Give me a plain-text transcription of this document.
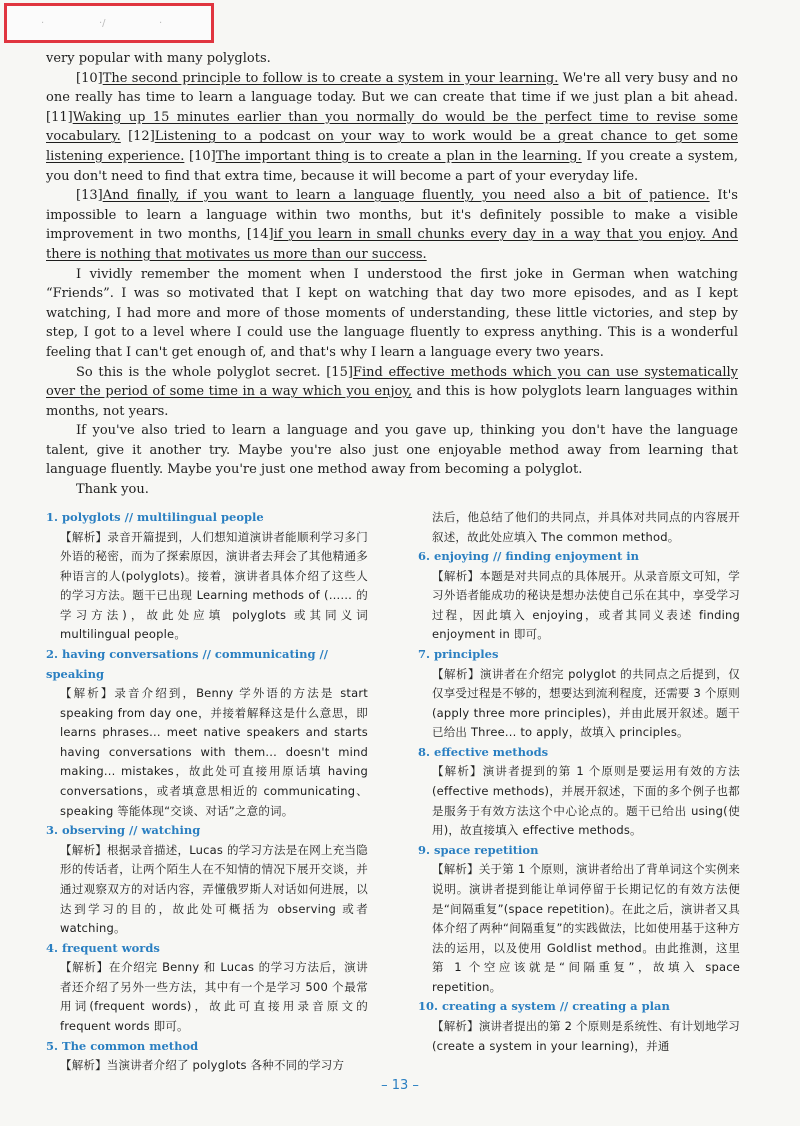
·	·/	·

very popular with many polyglots.

[10]The second principle to follow is to create a system in your learning. We're all very busy and no one really has time to learn a language today. But we can create that time if we just plan a bit ahead. [11]Waking up 15 minutes earlier than you normally do would be the perfect time to revise some vocabulary. [12]Listening to a podcast on your way to work would be a great chance to get some listening experience. [10]The important thing is to create a plan in the learning. If you create a system, you don't need to find that extra time, because it will become a part of your everyday life.

[13]And finally, if you want to learn a language fluently, you need also a bit of patience. It's impossible to learn a language within two months, but it's definitely possible to make a visible improvement in two months, [14]if you learn in small chunks every day in a way that you enjoy. And there is nothing that motivates us more than our success.

I vividly remember the moment when I understood the first joke in German when watching “Friends”. I was so motivated that I kept on watching that day two more episodes, and as I kept watching, I had more and more of those moments of understanding, these little victories, and step by step, I got to a level where I could use the language fluently to express anything. This is a wonderful feeling that I can't get enough of, and that's why I learn a language every two years.

So this is the whole polyglot secret. [15]Find effective methods which you can use systematically over the period of some time in a way which you enjoy, and this is how polyglots learn languages within months, not years.

If you've also tried to learn a language and you gave up, thinking you don't have the language talent, give it another try. Maybe you're also just one enjoyable method away from learning that language fluently. Maybe you're just one method away from becoming a polyglot.

Thank you.

1. polyglots // multilingual people
【解析】录音开篇提到，人们想知道演讲者能顺利学习多门外语的秘密，而为了探索原因，演讲者去拜会了其他精通多种语言的人(polyglots)。接着，演讲者具体介绍了这些人的学习方法。题干已出现 Learning methods of (…… 的学习方法)，故此处应填 polyglots 或其同义词 multilingual people。
2. having conversations // communicating // speaking
【解析】录音介绍到，Benny 学外语的方法是 start speaking from day one，并接着解释这是什么意思，即 learns phrases... meet native speakers and starts having conversations with them... doesn't mind making... mistakes，故此处可直接用原话填 having conversations，或者填意思相近的 communicating、speaking 等能体现“交谈、对话”之意的词。
3. observing // watching
【解析】根据录音描述，Lucas 的学习方法是在网上充当隐形的传话者，让两个陌生人在不知情的情况下展开交谈，并通过观察双方的对话内容，弄懂俄罗斯人对话如何进展，以达到学习的目的，故此处可概括为 observing 或者 watching。
4. frequent words
【解析】在介绍完 Benny 和 Lucas 的学习方法后，演讲者还介绍了另外一些方法，其中有一个是学习 500 个最常用词(frequent words)，故此可直接用录音原文的 frequent words 即可。
5. The common method
【解析】当演讲者介绍了 polyglots 各种不同的学习方
法后，他总结了他们的共同点，并具体对共同点的内容展开叙述，故此处应填入 The common method。
6. enjoying // finding enjoyment in
【解析】本题是对共同点的具体展开。从录音原文可知，学习外语者能成功的秘诀是想办法使自己乐在其中，享受学习过程，因此填入 enjoying，或者其同义表述 finding enjoyment in 即可。
7. principles
【解析】演讲者在介绍完 polyglot 的共同点之后提到，仅仅享受过程是不够的，想要达到流利程度，还需要 3 个原则(apply three more principles)，并由此展开叙述。题干已给出 Three... to apply，故填入 principles。
8. effective methods
【解析】演讲者提到的第 1 个原则是要运用有效的方法(effective methods)，并展开叙述，下面的多个例子也都是服务于有效方法这个中心论点的。题干已给出 using(使用)，故直接填入 effective methods。
9. space repetition
【解析】关于第 1 个原则，演讲者给出了背单词这个实例来说明。演讲者提到能让单词停留于长期记忆的有效方法便是“间隔重复”(space repetition)。在此之后，演讲者又具体介绍了两种“间隔重复”的实践做法，比如使用基于这种方法的运用，以及使用 Goldlist method。由此推测，这里第 1 个空应该就是“间隔重复”，故填入 space repetition。
10. creating a system // creating a plan
【解析】演讲者提出的第 2 个原则是系统性、有计划地学习(create a system in your learning)，并通
– 13 –
